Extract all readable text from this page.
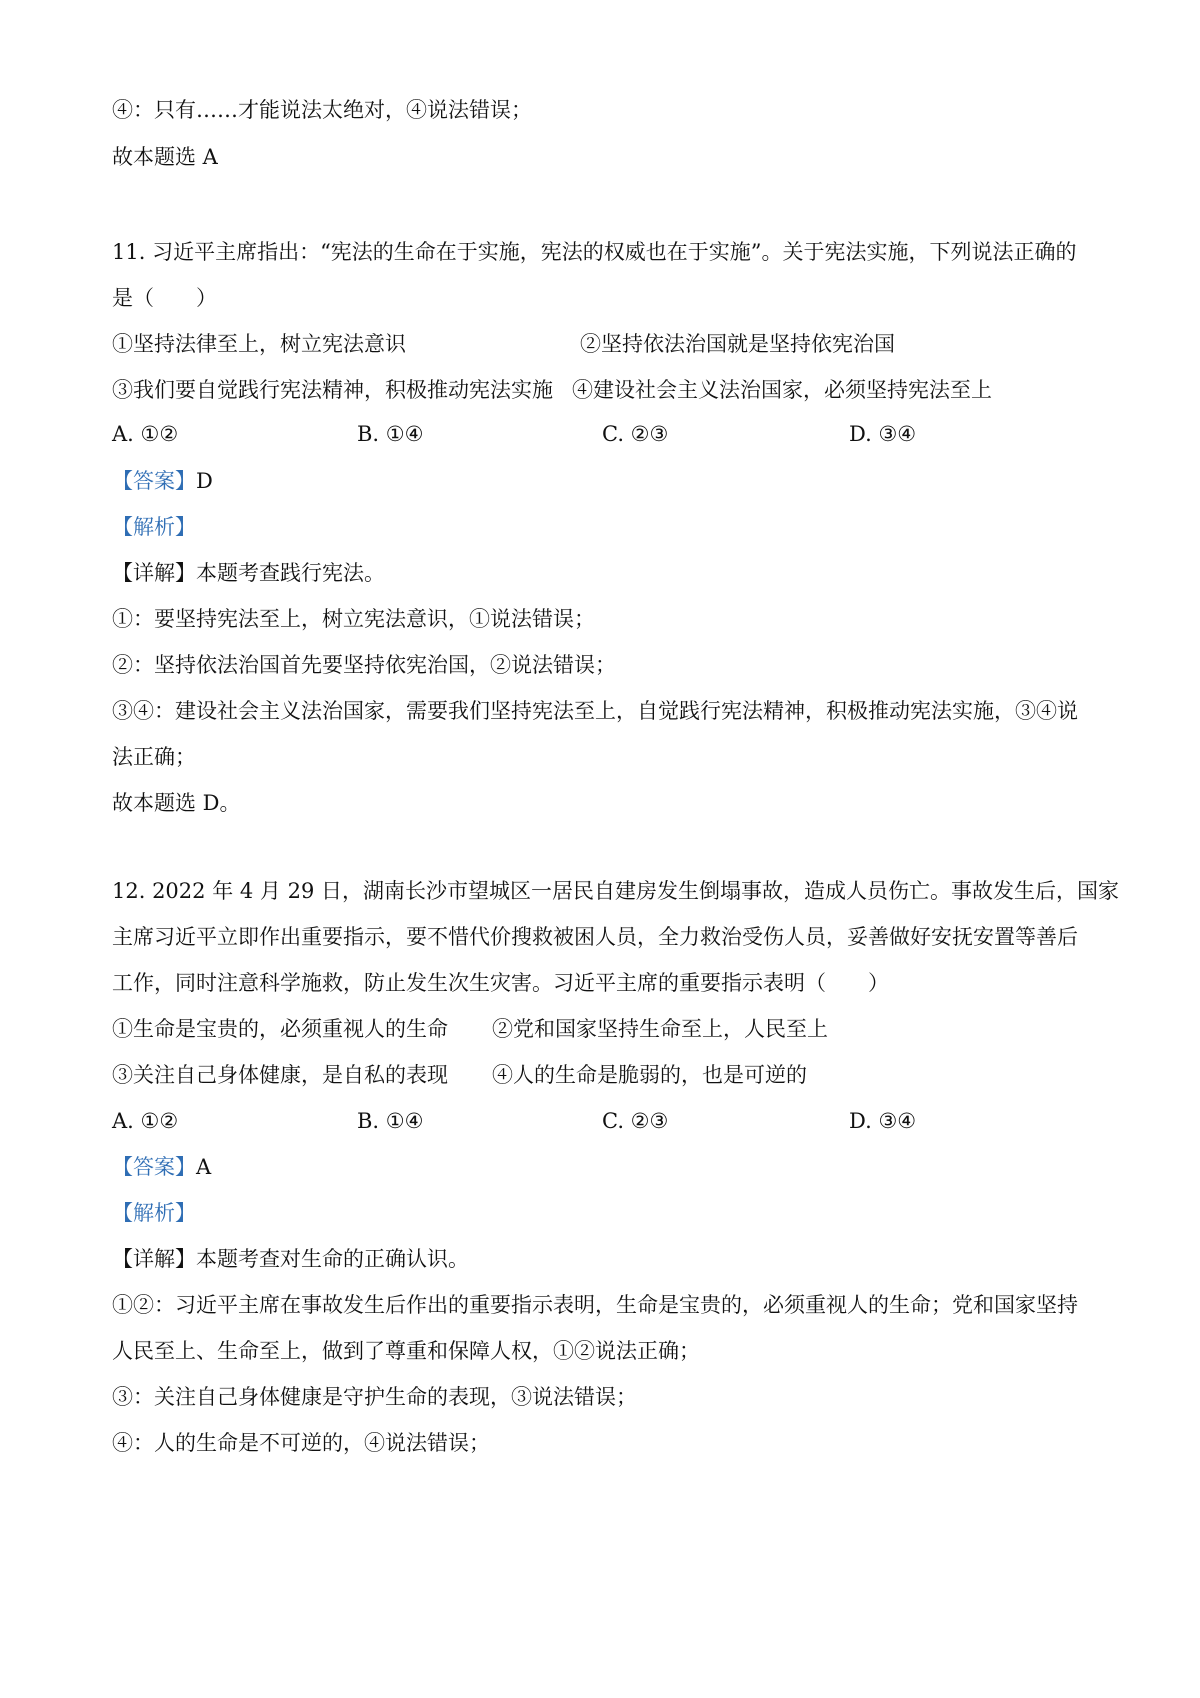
④：只有……才能说法太绝对，④说法错误；
故本题选 A
11. 习近平主席指出：“宪法的生命在于实施，宪法的权威也在于实施”。关于宪法实施，下列说法正确的
是（　　）
①坚持法律至上，树立宪法意识	②坚持依法治国就是坚持依宪治国
③我们要自觉践行宪法精神，积极推动宪法实施 ④建设社会主义法治国家，必须坚持宪法至上
A. ①②	B. ①④	C. ②③	D. ③④
【答案】D
【解析】
【详解】本题考查践行宪法。
①：要坚持宪法至上，树立宪法意识，①说法错误；
②：坚持依法治国首先要坚持依宪治国，②说法错误；
③④：建设社会主义法治国家，需要我们坚持宪法至上，自觉践行宪法精神，积极推动宪法实施，③④说
法正确；
故本题选 D。
12. 2022 年 4 月 29 日，湖南长沙市望城区一居民自建房发生倒塌事故，造成人员伤亡。事故发生后，国家
主席习近平立即作出重要指示，要不惜代价搜救被困人员，全力救治受伤人员，妥善做好安抚安置等善后
工作，同时注意科学施救，防止发生次生灾害。习近平主席的重要指示表明（　　）
①生命是宝贵的，必须重视人的生命 ②党和国家坚持生命至上，人民至上
③关注自己身体健康，是自私的表现 ④人的生命是脆弱的，也是可逆的
A. ①②	B. ①④	C. ②③	D. ③④
【答案】A
【解析】
【详解】本题考查对生命的正确认识。
①②：习近平主席在事故发生后作出的重要指示表明，生命是宝贵的，必须重视人的生命；党和国家坚持
人民至上、生命至上，做到了尊重和保障人权，①②说法正确；
③：关注自己身体健康是守护生命的表现，③说法错误；
④：人的生命是不可逆的，④说法错误；
